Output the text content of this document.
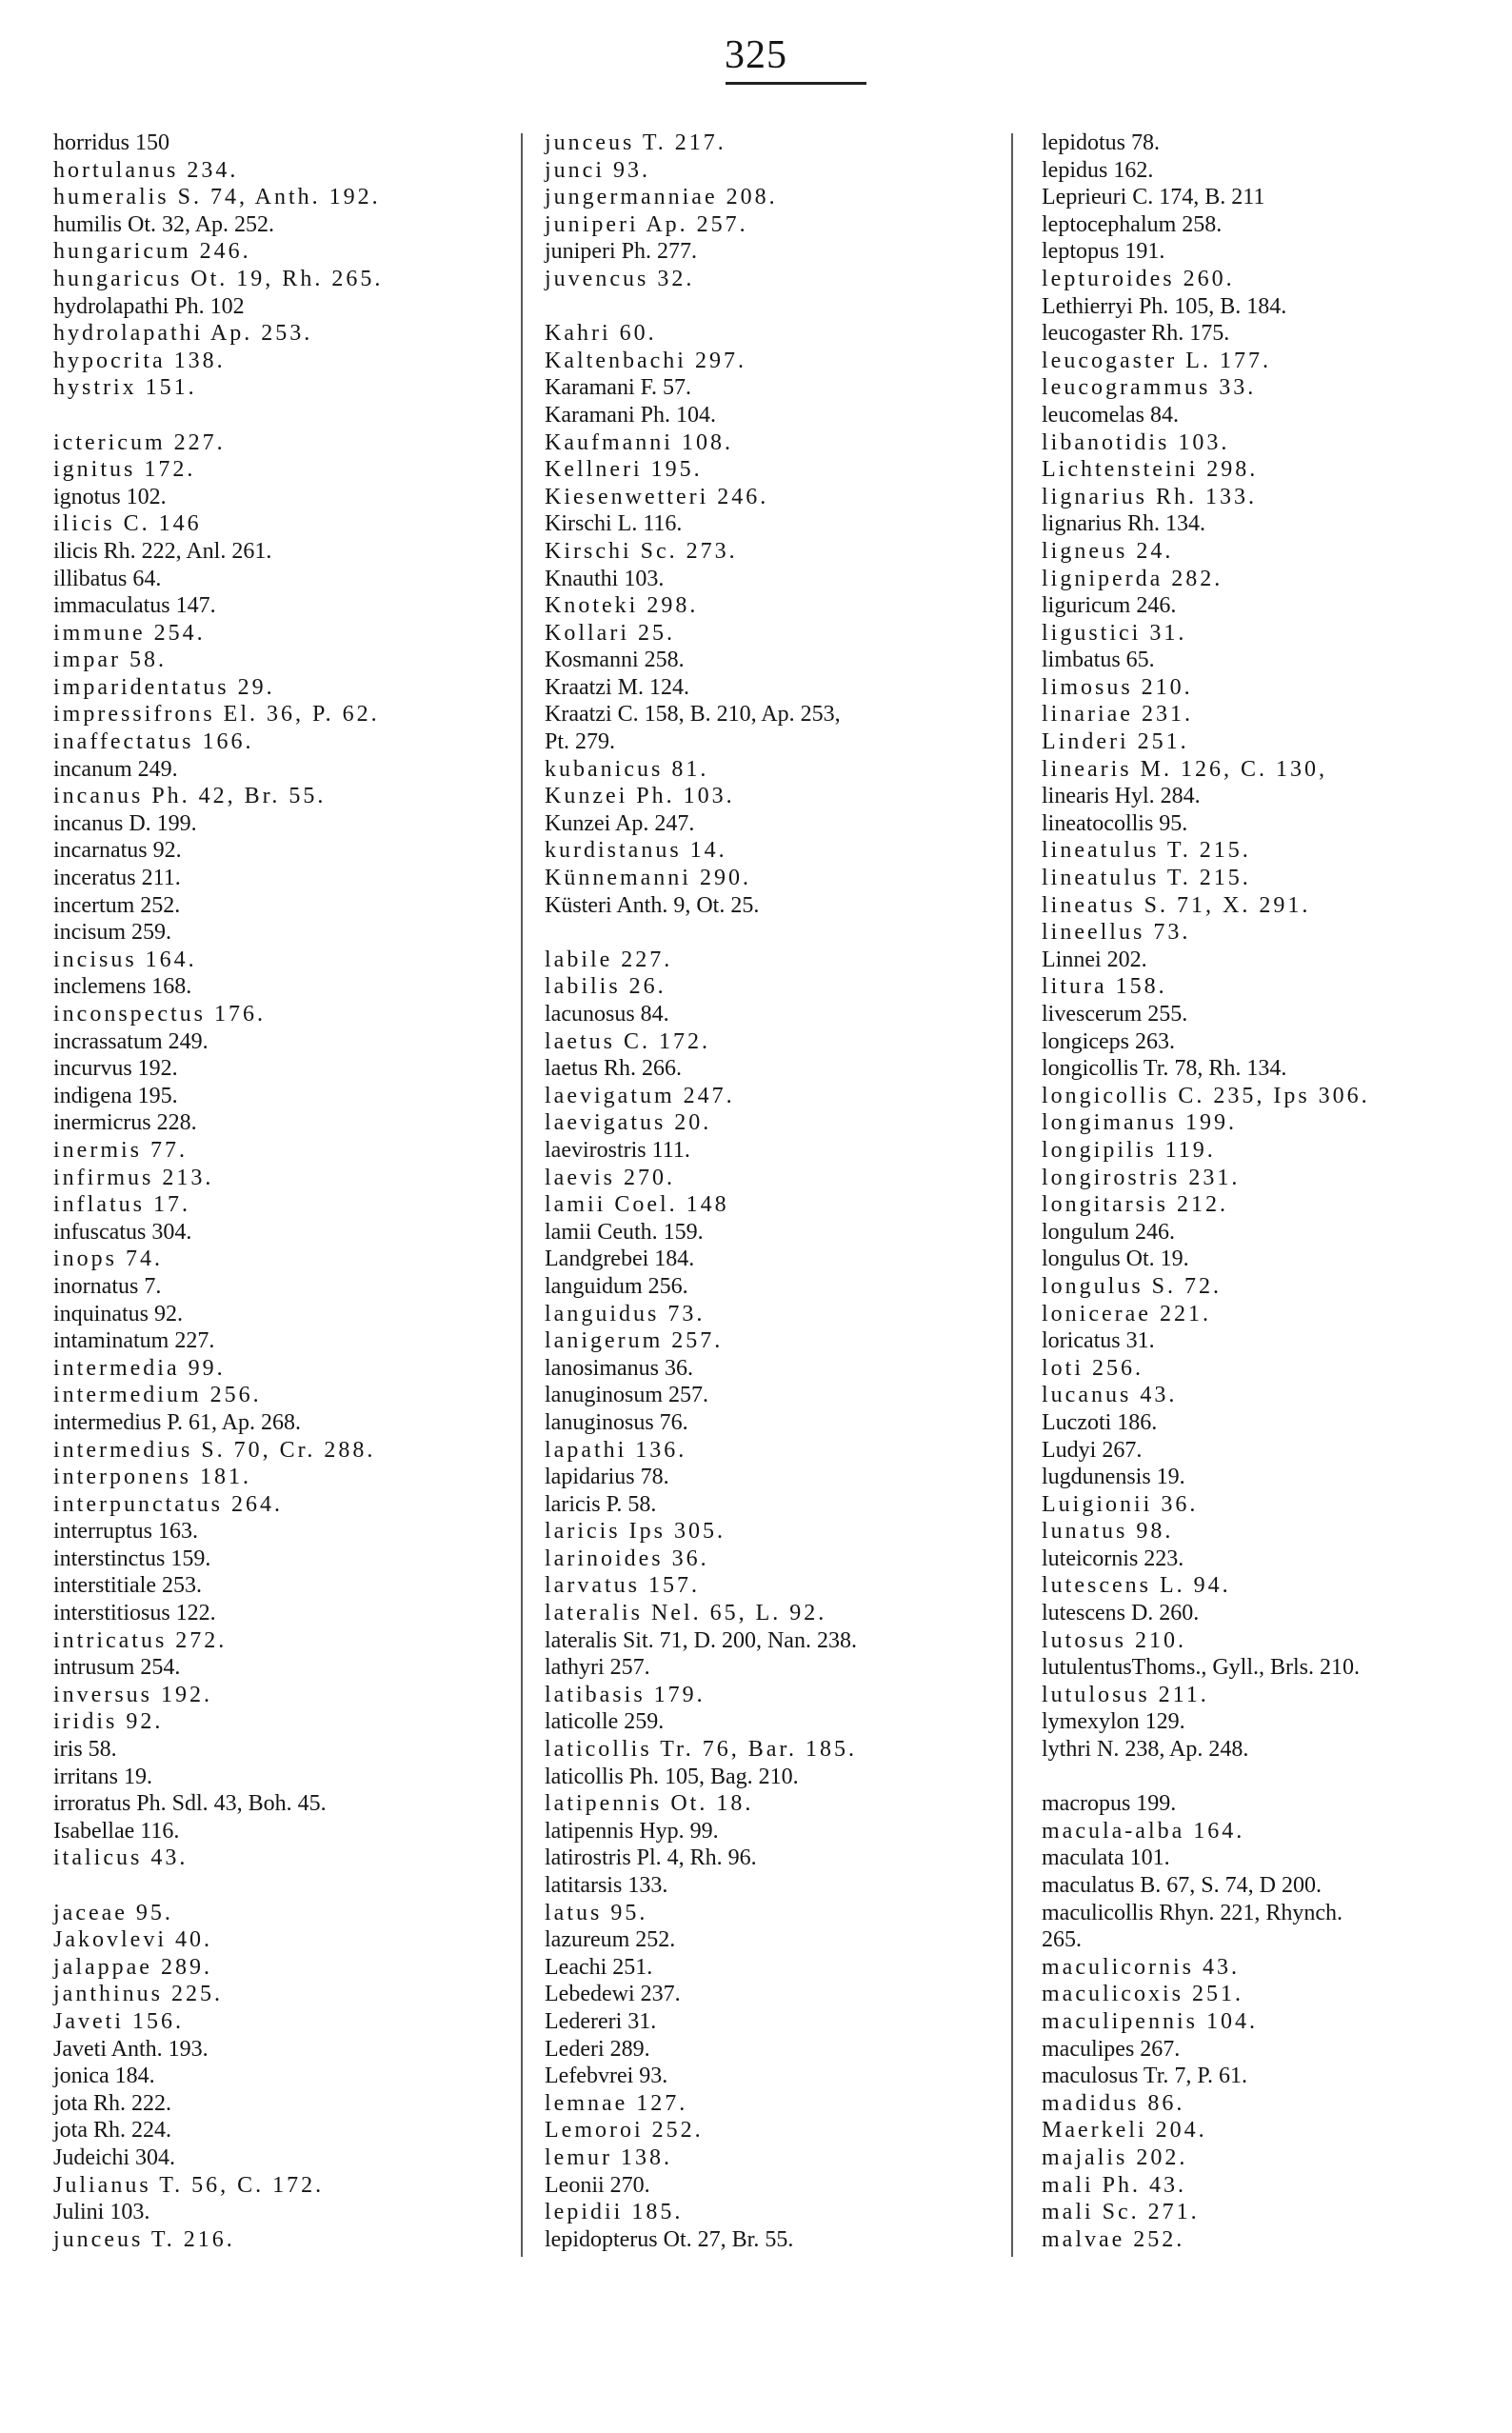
325
horridus 150
hortulanus 234.
humeralis S. 74, Anth. 192.
humilis Ot. 32, Ap. 252.
hungaricum 246.
hungaricus Ot. 19, Rh. 265.
hydrolapathi Ph. 102
hydrolapathi Ap. 253.
hypocrita 138.
hystrix 151.
ictericum 227.
ignitus 172.
ignotus 102.
ilicis C. 146
ilicis Rh. 222, Anl. 261.
illibatus 64.
immaculatus 147.
immune 254.
impar 58.
imparidentatus 29.
impressifrons El. 36, P. 62.
inaffectatus 166.
incanum 249.
incanus Ph. 42, Br. 55.
incanus D. 199.
incarnatus 92.
inceratus 211.
incertum 252.
incisum 259.
incisus 164.
inclemens 168.
inconspectus 176.
incrassatum 249.
incurvus 192.
indigena 195.
inermicrus 228.
inermis 77.
infirmus 213.
inflatus 17.
infuscatus 304.
inops 74.
inornatus 7.
inquinatus 92.
intaminatum 227.
intermedia 99.
intermedium 256.
intermedius P. 61, Ap. 268.
intermedius S. 70, Cr. 288.
interponens 181.
interpunctatus 264.
interruptus 163.
interstinctus 159.
interstitiale 253.
interstitiosus 122.
intricatus 272.
intrusum 254.
inversus 192.
iridis 92.
iris 58.
irritans 19.
irroratus Ph. Sdl. 43, Boh. 45.
Isabellae 116.
italicus 43.
jaceae 95.
Jakovlevi 40.
jalappae 289.
janthinus 225.
Javeti 156.
Javeti Anth. 193.
jonica 184.
jota Rh. 222.
jota Rh. 224.
Judeichi 304.
Julianus T. 56, C. 172.
Julini 103.
junceus T. 216.
junceus T. 217.
junci 93.
jungermanniae 208.
juniperi Ap. 257.
juniperi Ph. 277.
juvencus 32.
Kahri 60.
Kaltenbachi 297.
Karamani F. 57.
Karamani Ph. 104.
Kaufmanni 108.
Kellneri 195.
Kiesenwetteri 246.
Kirschi L. 116.
Kirschi Sc. 273.
Knauthi 103.
Knoteki 298.
Kollari 25.
Kosmanni 258.
Kraatzi M. 124.
Kraatzi C. 158, B. 210, Ap. 253,
Pt. 279.
kubanicus 81.
Kunzei Ph. 103.
Kunzei Ap. 247.
kurdistanus 14.
Künnemanni 290.
Küsteri Anth. 9, Ot. 25.
labile 227.
labilis 26.
lacunosus 84.
laetus C. 172.
laetus Rh. 266.
laevigatum 247.
laevigatus 20.
laevirostris 111.
laevis 270.
lamii Coel. 148
lamii Ceuth. 159.
Landgrebei 184.
languidum 256.
languidus 73.
lanigerum 257.
lanosimanus 36.
lanuginosum 257.
lanuginosus 76.
lapathi 136.
lapidarius 78.
laricis P. 58.
laricis Ips 305.
larinoides 36.
larvatus 157.
lateralis Nel. 65, L. 92.
lateralis Sit. 71, D. 200, Nan. 238.
lathyri 257.
latibasis 179.
laticolle 259.
laticollis Tr. 76, Bar. 185.
laticollis Ph. 105, Bag. 210.
latipennis Ot. 18.
latipennis Hyp. 99.
latirostris Pl. 4, Rh. 96.
latitarsis 133.
latus 95.
lazureum 252.
Leachi 251.
Lebedewi 237.
Ledereri 31.
Lederi 289.
Lefebvrei 93.
lemnae 127.
Lemoroi 252.
lemur 138.
Leonii 270.
lepidii 185.
lepidopterus Ot. 27, Br. 55.
lepidotus 78.
lepidus 162.
Leprieuri C. 174, B. 211
leptocephalum 258.
leptopus 191.
lepturoides 260.
Lethierryi Ph. 105, B. 184.
leucogaster Rh. 175.
leucogaster L. 177.
leucogrammus 33.
leucomelas 84.
libanotidis 103.
Lichtensteini 298.
lignarius Rh. 133.
lignarius Rh. 134.
ligneus 24.
ligniperda 282.
liguricum 246.
ligustici 31.
limbatus 65.
limosus 210.
linariae 231.
Linderi 251.
linearis M. 126, C. 130,
linearis Hyl. 284.
lineatocollis 95.
lineatulus T. 215.
lineatulus T. 215.
lineatus S. 71, X. 291.
lineellus 73.
Linnei 202.
litura 158.
livescerum 255.
longiceps 263.
longicollis Tr. 78, Rh. 134.
longicollis C. 235, Ips 306.
longimanus 199.
longipilis 119.
longirostris 231.
longitarsis 212.
longulum 246.
longulus Ot. 19.
longulus S. 72.
lonicerae 221.
loricatus 31.
loti 256.
lucanus 43.
Luczoti 186.
Ludyi 267.
lugdunensis 19.
Luigionii 36.
lunatus 98.
luteicornis 223.
lutescens L. 94.
lutescens D. 260.
lutosus 210.
lutulentusThoms., Gyll., Brls. 210.
lutulosus 211.
lymexylon 129.
lythri N. 238, Ap. 248.
macropus 199.
macula-alba 164.
maculata 101.
maculatus B. 67, S. 74, D 200.
maculicollis Rhyn. 221, Rhynch.
265.
maculicornis 43.
maculicoxis 251.
maculipennis 104.
maculipes 267.
maculosus Tr. 7, P. 61.
madidus 86.
Maerkeli 204.
majalis 202.
mali Ph. 43.
mali Sc. 271.
malvae 252.
